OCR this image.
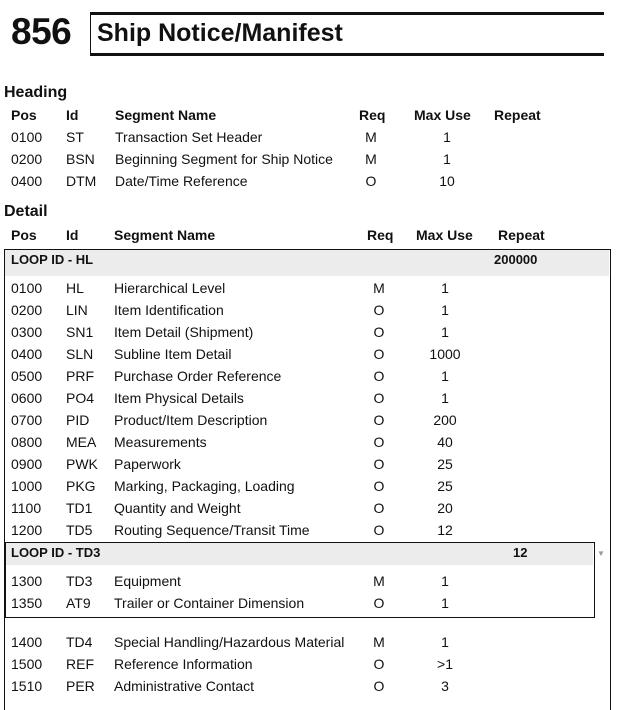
856 Ship Notice/Manifest
Heading
Pos Id	Segment Name	Req Max Use Repeat
0100 ST Transaction Set Header	M	1
0200 BSN Beginning Segment for Ship Notice	M	1
0400 DTM Date/Time Reference	O	10
Detail
Pos Id	Segment Name	Req Max Use Repeat
LOOP ID - HL	200000
0100 HL Hierarchical Level	M	1
0200 LIN Item Identification	O	1
0300 SN1 Item Detail (Shipment)	O	1
0400 SLN Subline Item Detail	O	1000
0500 PRF Purchase Order Reference	O	1
0600 PO4 Item Physical Details	O	1
0700 PID Product/Item Description	O	200
0800 MEA Measurements	O	40
0900 PWK Paperwork	O	25
1000 PKG Marking, Packaging, Loading	O	25
1100 TD1 Quantity and Weight	O	20
1200 TD5 Routing Sequence/Transit Time	O	12
LOOP ID - TD3	12	▼
1300 TD3 Equipment	M	1
1350 AT9 Trailer or Container Dimension	O	1
1400 TD4 Special Handling/Hazardous Material	M	1
1500 REF Reference Information	O	>1
1510 PER Administrative Contact	O	3
